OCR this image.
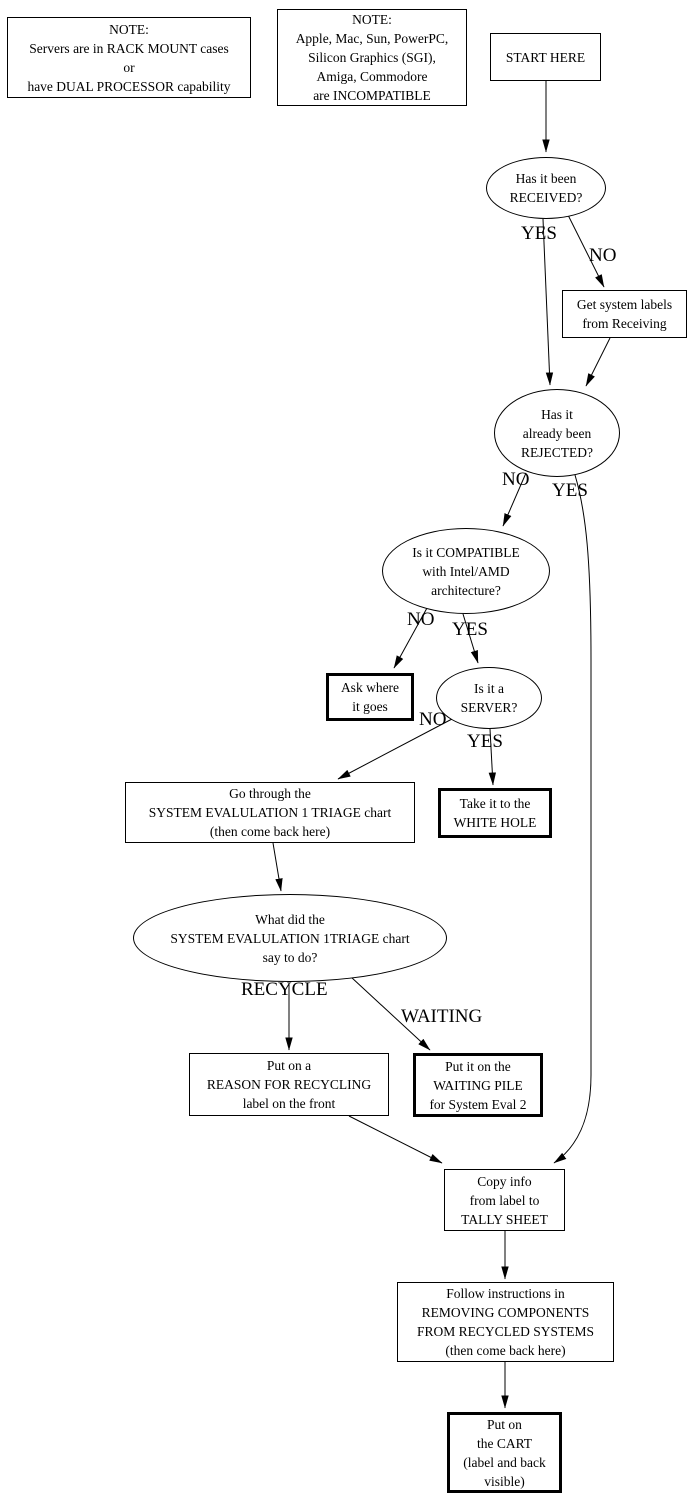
NOTE:
Servers are in RACK MOUNT cases
or
have DUAL PROCESSOR capability
NOTE:
Apple, Mac, Sun, PowerPC,
Silicon Graphics (SGI),
Amiga, Commodore
are INCOMPATIBLE
START HERE
Has it been
RECEIVED?
Get system labels
from Receiving
Has it
already been
REJECTED?
Is it COMPATIBLE
with Intel/AMD
architecture?
Ask where
it goes
Is it a
SERVER?
Go through the
SYSTEM EVALULATION 1 TRIAGE chart
(then come back here)
Take it to the
WHITE HOLE
What did the
SYSTEM EVALULATION 1TRIAGE chart
say to do?
Put on a
REASON FOR RECYCLING
label on the front
Put it on the
WAITING PILE
for System Eval 2
Copy info
from label to
TALLY SHEET
Follow instructions in
REMOVING COMPONENTS
FROM RECYCLED SYSTEMS
(then come back here)
Put on
the CART
(label and back
visible)
YES
NO
NO
YES
NO YES
NO
YES
RECYCLE
WAITING
